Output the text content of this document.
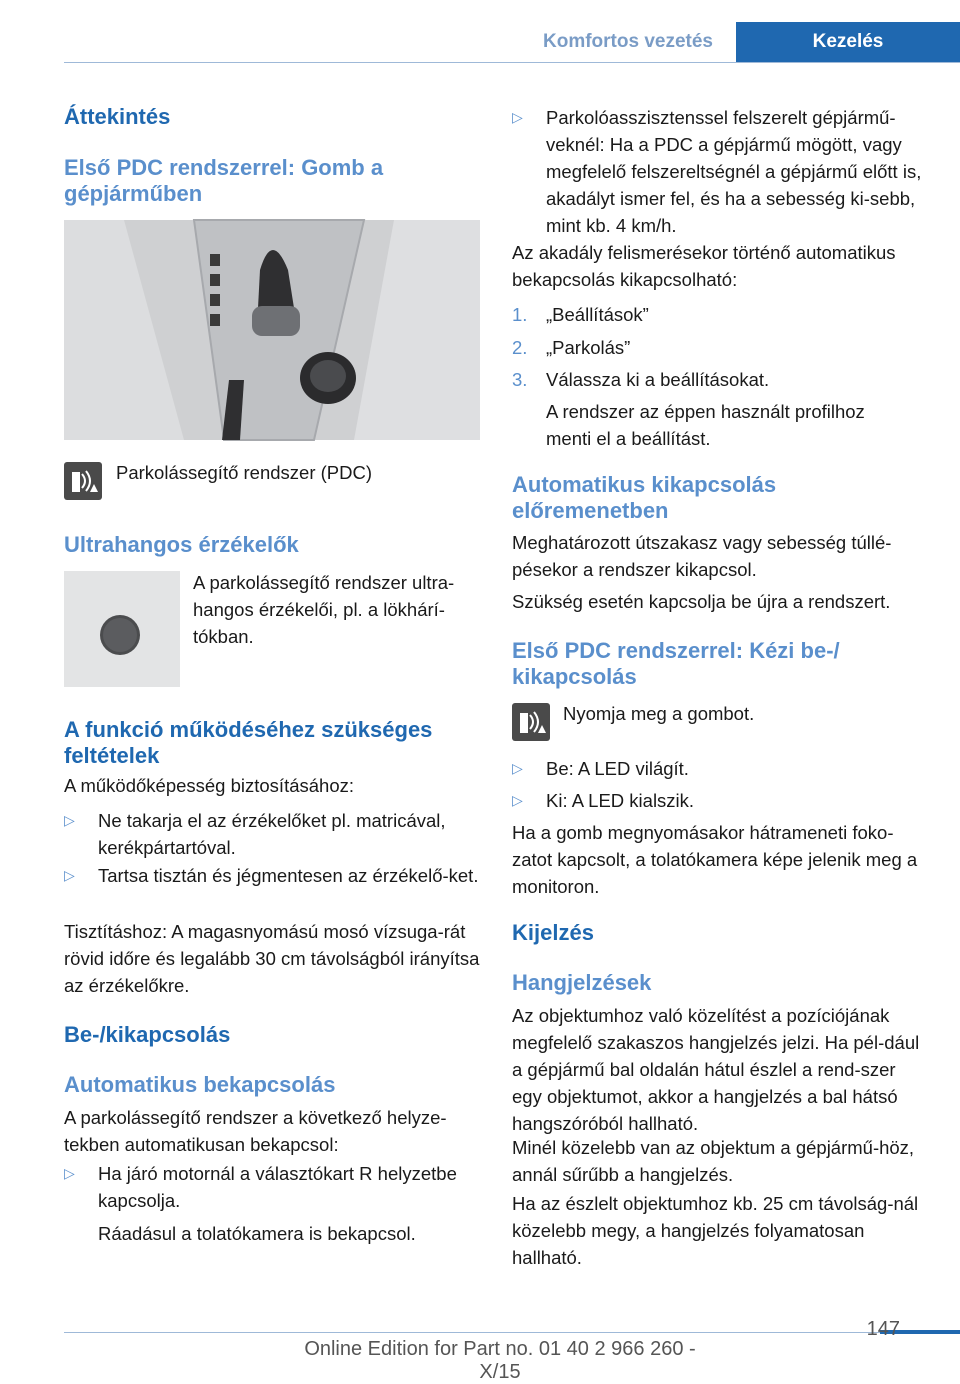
Komfortos vezetés	Kezelés
Áttekintés
Első PDC rendszerrel: Gomb a gépjárműben
Parkolássegítő rendszer (PDC)
Ultrahangos érzékelők
A parkolássegítő rendszer ultra-hangos érzékelői, pl. a lökhárí-tókban.
A funkció működéséhez szükséges feltételek
A működőképesség biztosításához:
▷ Ne takarja el az érzékelőket pl. matricával, kerékpártartóval.
▷ Tartsa tisztán és jégmentesen az érzékelő-ket.
Tisztításhoz: A magasnyomású mosó vízsuga-rát rövid időre és legalább 30 cm távolságból irányítsa az érzékelőkre.
Be-/kikapcsolás
Automatikus bekapcsolás
A parkolássegítő rendszer a következő helyze-tekben automatikusan bekapcsol:
▷ Ha járó motornál a választókart R helyzetbe kapcsolja.
Ráadásul a tolatókamera is bekapcsol.
▷ Parkolóasszisztenssel felszerelt gépjármű-veknél: Ha a PDC a gépjármű mögött, vagy megfelelő felszereltségnél a gépjármű előtt is, akadályt ismer fel, és ha a sebesség ki-sebb, mint kb. 4 km/h.
Az akadály felismerésekor történő automatikus bekapcsolás kikapcsolható:
1. „Beállítások”
2. „Parkolás”
3. Válassza ki a beállításokat.
A rendszer az éppen használt profilhoz menti el a beállítást.
Automatikus kikapcsolás előremenetben
Meghatározott útszakasz vagy sebesség túllé-pésekor a rendszer kikapcsol.
Szükség esetén kapcsolja be újra a rendszert.
Első PDC rendszerrel: Kézi be-/ kikapcsolás
Nyomja meg a gombot.
▷ Be: A LED világít.
▷ Ki: A LED kialszik.
Ha a gomb megnyomásakor hátrameneti foko-zatot kapcsolt, a tolatókamera képe jelenik meg a monitoron.
Kijelzés
Hangjelzések
Az objektumhoz való közelítést a pozíciójának megfelelő szakaszos hangjelzés jelzi. Ha pél-dául a gépjármű bal oldalán hátul észlel a rend-szer egy objektumot, akkor a hangjelzés a bal hátsó hangszóróból hallható.
Minél közelebb van az objektum a gépjármű-höz, annál sűrűbb a hangjelzés.
Ha az észlelt objektumhoz kb. 25 cm távolság-nál közelebb megy, a hangjelzés folyamatosan hallható.
147
Online Edition for Part no. 01 40 2 966 260 - X/15
